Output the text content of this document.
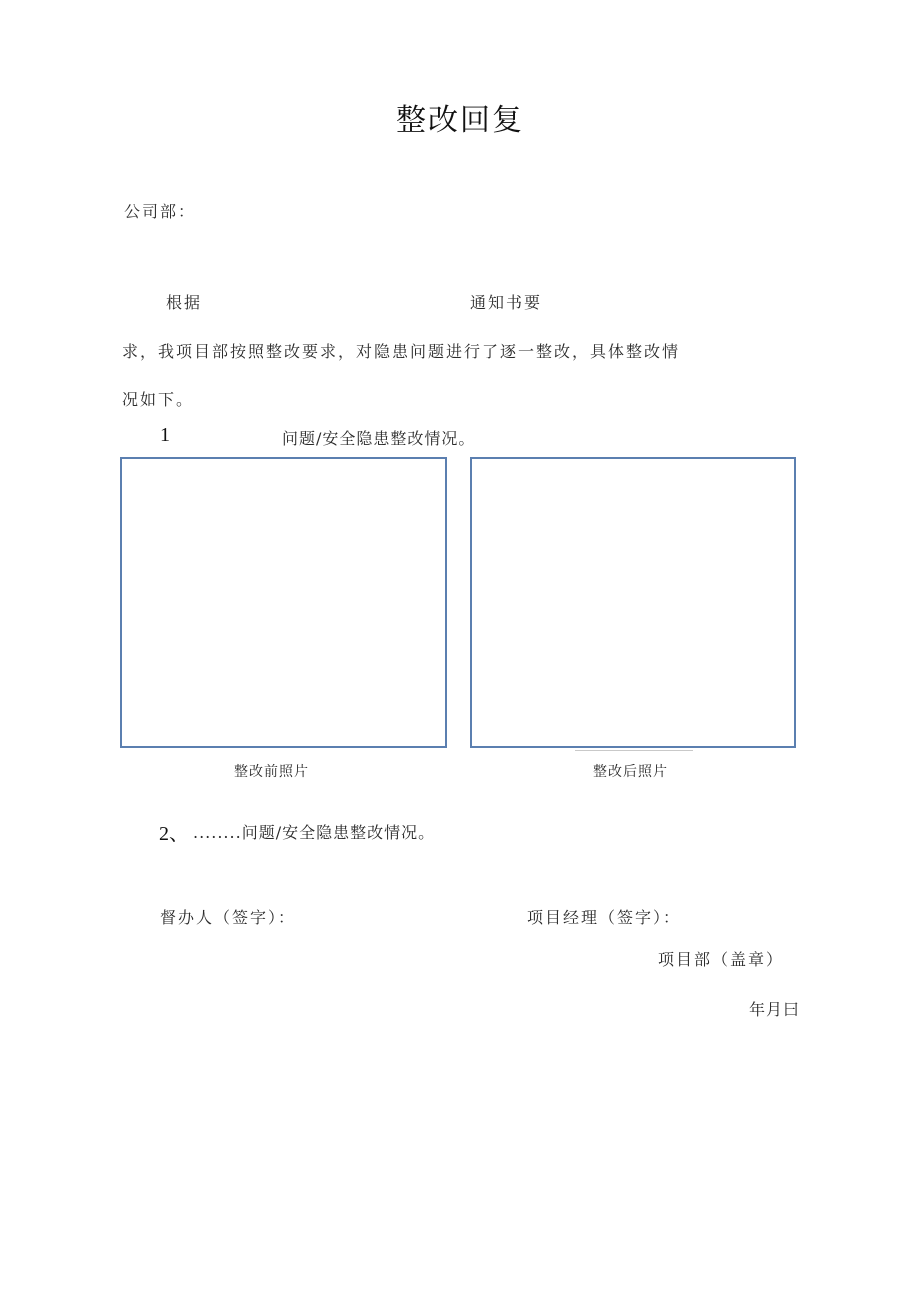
整改回复
公司部：
根据	通知书要
求，我项目部按照整改要求，对隐患问题进行了逐一整改，具体整改情
况如下。
1	问题/安全隐患整改情况。
整改前照片	整改后照片
2、 ........问题/安全隐患整改情况。
督办人（签字）：	项目经理（签字）：
项目部（盖章）
年月曰
